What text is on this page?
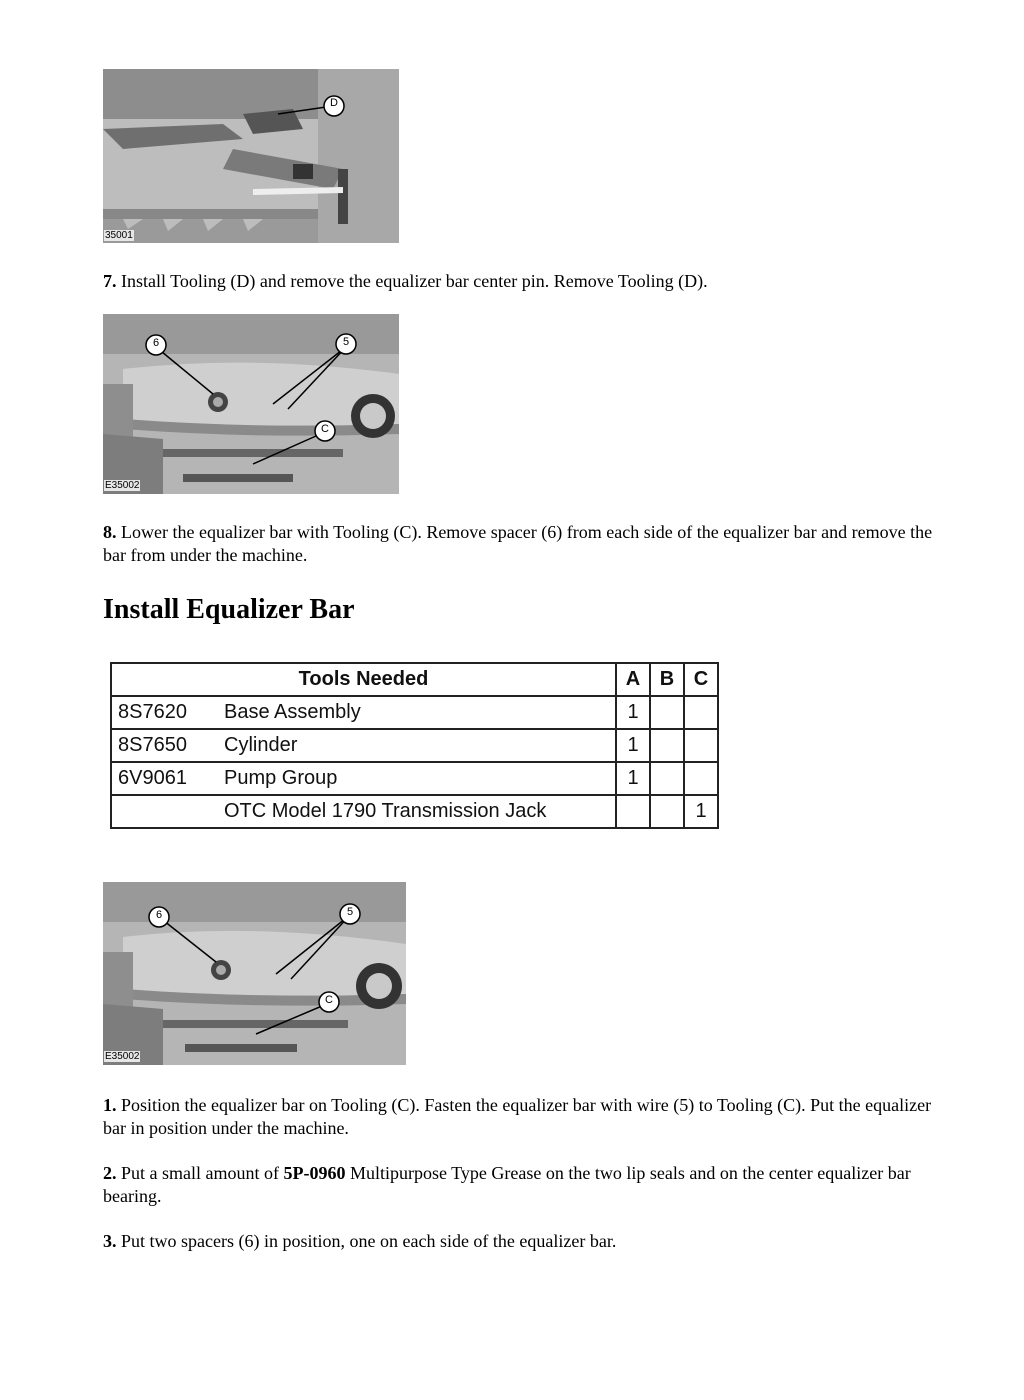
D
35001
7. Install Tooling (D) and remove the equalizer bar center pin. Remove Tooling (D).
6	5
C
E35002
8. Lower the equalizer bar with Tooling (C). Remove spacer (6) from each side of the equalizer bar and remove the bar from under the machine.
Install Equalizer Bar
Tools Needed		A	B	C
8S7620	Base Assembly	1		
8S7650	Cylinder	1		
6V9061	Pump Group	1		
	OTC Model 1790 Transmission Jack			1
6	5
C
E35002
1. Position the equalizer bar on Tooling (C). Fasten the equalizer bar with wire (5) to Tooling (C). Put the equalizer bar in position under the machine.
2. Put a small amount of 5P-0960 Multipurpose Type Grease on the two lip seals and on the center equalizer bar bearing.
3. Put two spacers (6) in position, one on each side of the equalizer bar.
